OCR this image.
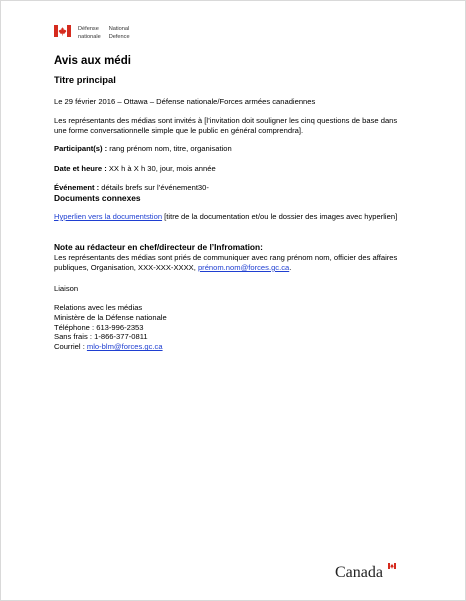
Défense	National
nationale Defence
Avis aux médi
Titre principal
Le 29 février 2016 – Ottawa – Défense nationale/Forces armées canadiennes
Les représentants des médias sont invités à [l’invitation doit souligner les cinq questions de base dans une forme conversationnelle simple que le public en général comprendra].
Participant(s) : rang prénom nom, titre, organisation
Date et heure : XX h à X h 30, jour, mois année
Événement : détails brefs sur l’événement30-
Documents connexes
Hyperlien vers la documentstion [titre de la documentation et/ou le dossier des images avec hyperlien]
Note au rédacteur en chef/directeur de l’Infromation:
Les représentants des médias sont priés de communiquer avec rang prénom nom, officier des affaires publiques, Organisation, XXX-XXX-XXXX, prénom.nom@forces.gc.ca.
Liaison
Relations avec les médias
Ministère de la Défense nationale
Téléphone : 613-996-2353
Sans frais : 1-866-377-0811
Courriel : mlo-blm@forces.gc.ca
Canada
